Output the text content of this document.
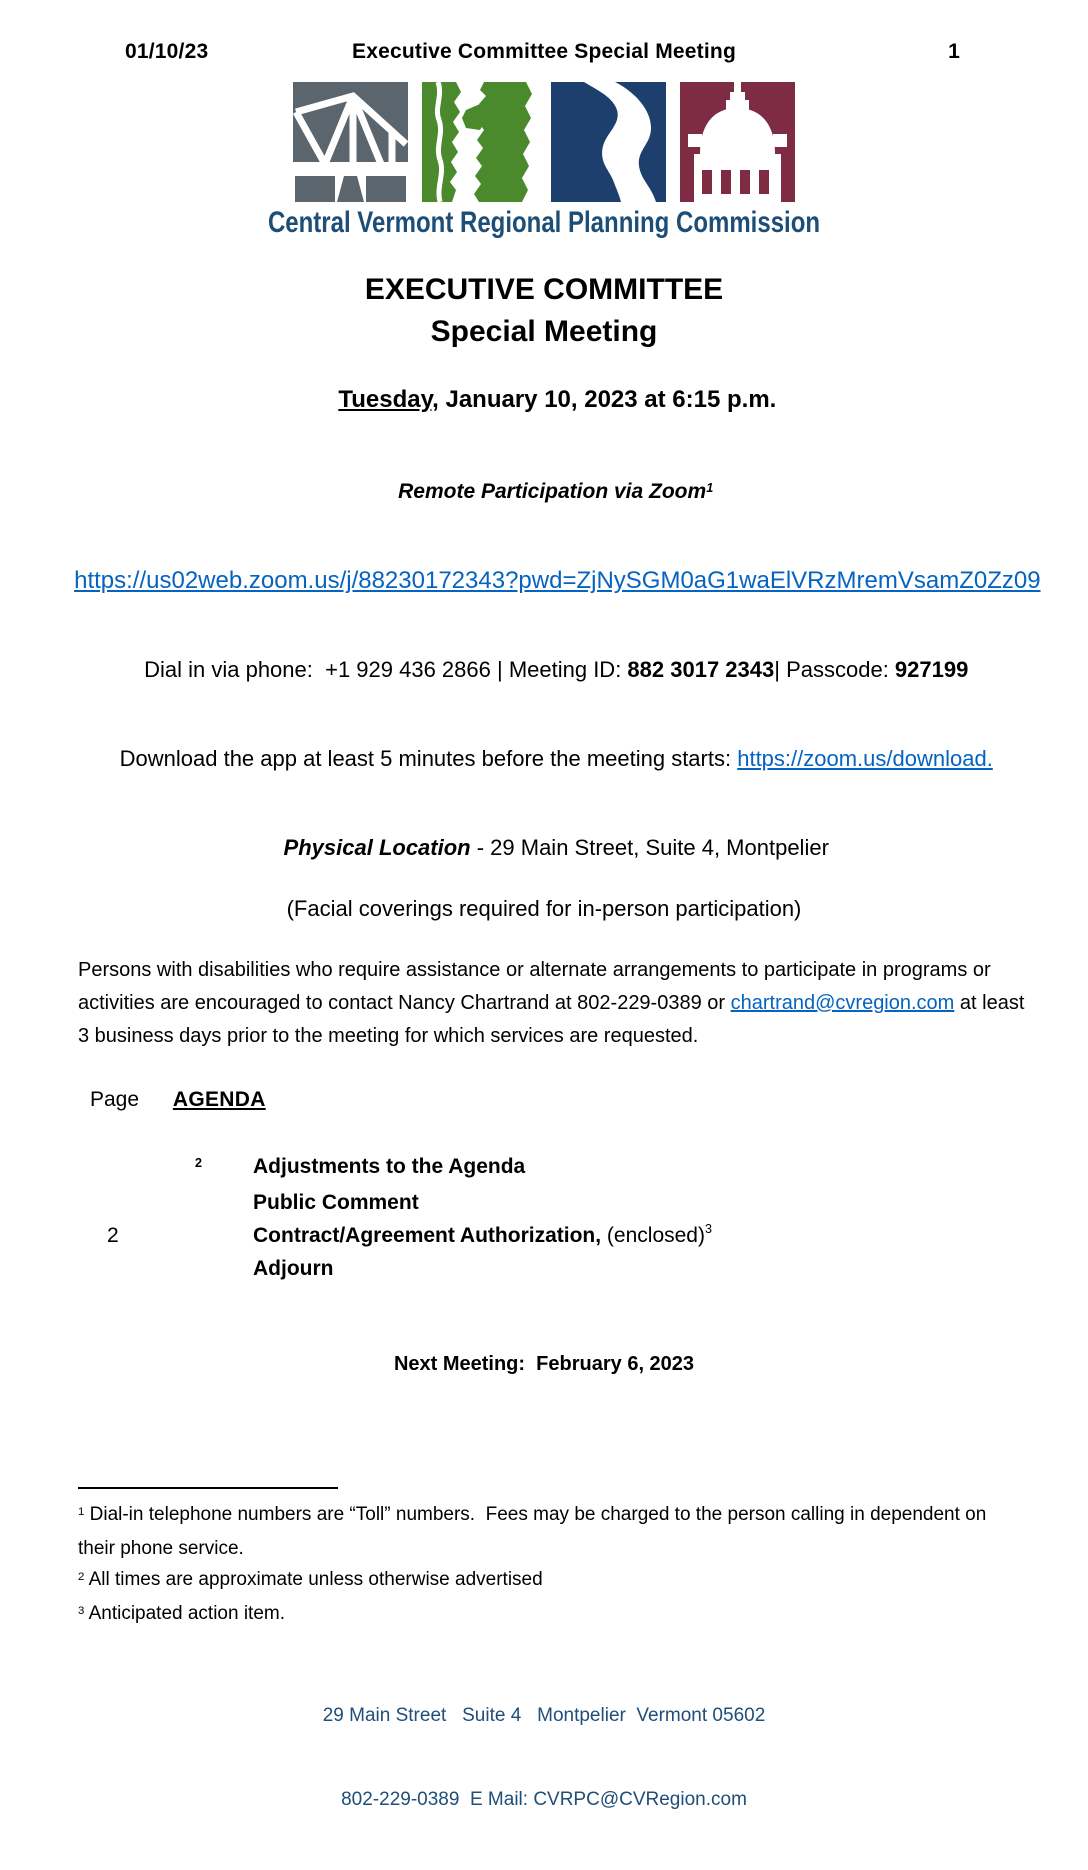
01/10/23	Executive Committee Special Meeting	1
Central Vermont Regional Planning Commission
EXECUTIVE COMMITTEE
Special Meeting

Tuesday, January 10, 2023 at 6:15 p.m.

Remote Participation via Zoom$^1$

https://us02web.zoom.us/j/88230172343?pwd=ZjNySGM0aG1waElVRzMremVsamZ0Zz09

Dial in via phone:  +1 929 436 2866 | Meeting ID: 882 3017 2343| Passcode: 927199

Download the app at least 5 minutes before the meeting starts: https://zoom.us/download.

Physical Location - 29 Main Street, Suite 4, Montpelier

(Facial coverings required for in-person participation)
Persons with disabilities who require assistance or alternate arrangements to participate in programs or activities are encouraged to contact Nancy Chartrand at 802-229-0389 or chartrand@cvregion.com at least 3 business days prior to the meeting for which services are requested.
Page AGENDA
$^2$	Adjustments to the Agenda
Public Comment
2	Contract/Agreement Authorization, (enclosed) 3
Adjourn
Next Meeting:  February 6, 2023
$^1$ Dial-in telephone numbers are “Toll” numbers.  Fees may be charged to the person calling in dependent on their phone service.
$^2$ All times are approximate unless otherwise advertised
$^3$ Anticipated action item.

29 Main Street   Suite 4   Montpelier  Vermont 05602

802-229-0389  E Mail: CVRPC@CVRegion.com
